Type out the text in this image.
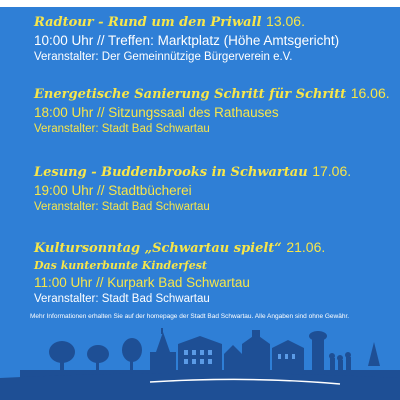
Radtour - Rund um den Priwall 13.06.
10:00 Uhr // Treffen: Marktplatz (Höhe Amtsgericht)
Veranstalter: Der Gemeinnützige Bürgerverein e.V.
Energetische Sanierung Schritt für Schritt 16.06.
18:00 Uhr // Sitzungssaal des Rathauses
Veranstalter: Stadt Bad Schwartau
Lesung - Buddenbrooks in Schwartau 17.06.
19:00 Uhr // Stadtbücherei
Veranstalter: Stadt Bad Schwartau
Kultursonntag „Schwartau spielt“ 21.06.
Das kunterbunte Kinderfest
11:00 Uhr // Kurpark Bad Schwartau
Veranstalter: Stadt Bad Schwartau
Mehr Informationen erhalten Sie auf der homepage der Stadt Bad Schwartau. Alle Angaben sind ohne Gewähr.
